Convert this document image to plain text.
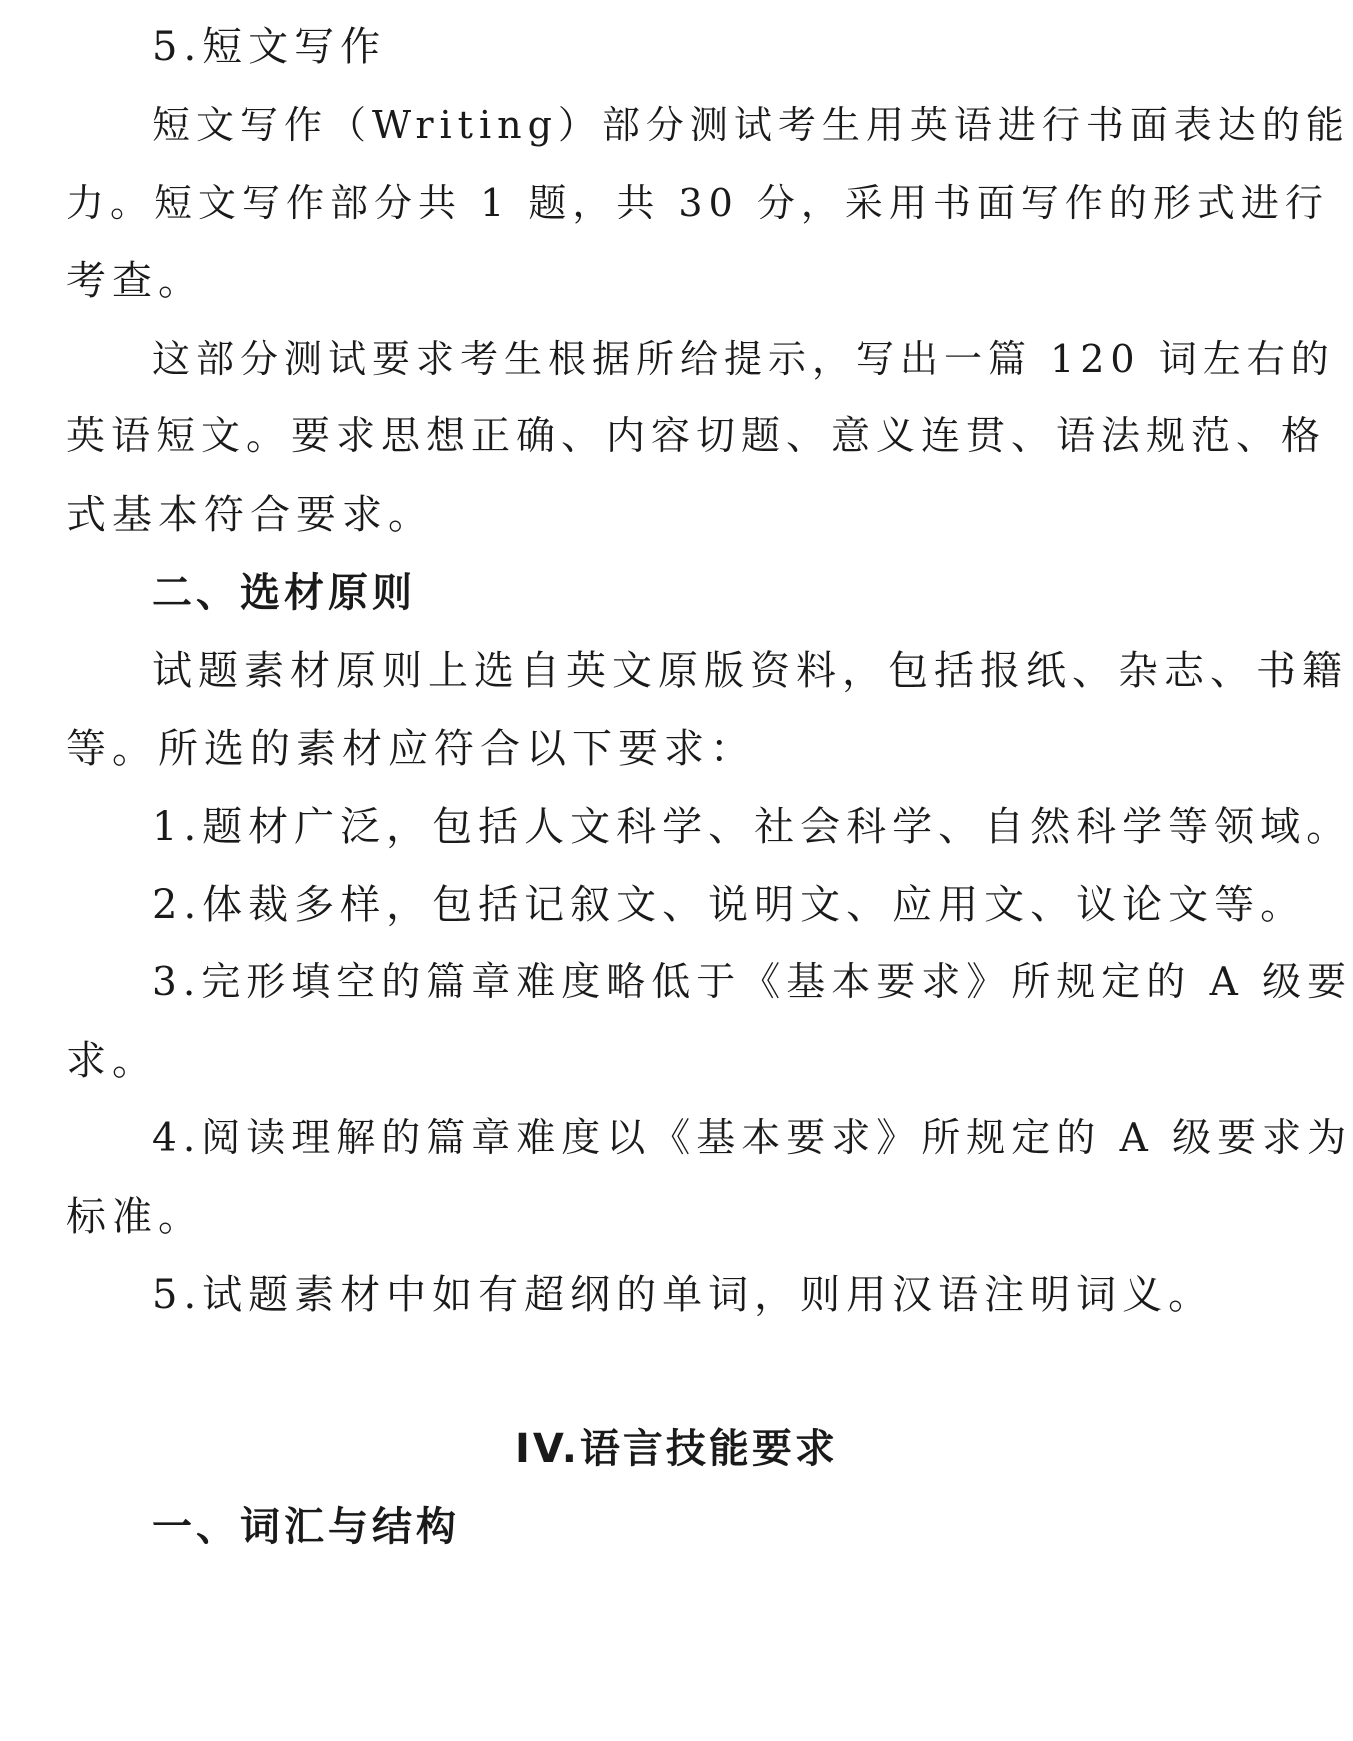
5.短文写作
短文写作（Writing）部分测试考生用英语进行书面表达的能
力。短文写作部分共 1 题，共 30 分，采用书面写作的形式进行
考查。
这部分测试要求考生根据所给提示，写出一篇 120 词左右的
英语短文。要求思想正确、内容切题、意义连贯、语法规范、格
式基本符合要求。
二、选材原则
试题素材原则上选自英文原版资料，包括报纸、杂志、书籍
等。所选的素材应符合以下要求：
1.题材广泛，包括人文科学、社会科学、自然科学等领域。
2.体裁多样，包括记叙文、说明文、应用文、议论文等。
3.完形填空的篇章难度略低于《基本要求》所规定的 A 级要
求。
4.阅读理解的篇章难度以《基本要求》所规定的 A 级要求为
标准。
5.试题素材中如有超纲的单词，则用汉语注明词义。
IV.语言技能要求
一、词汇与结构
